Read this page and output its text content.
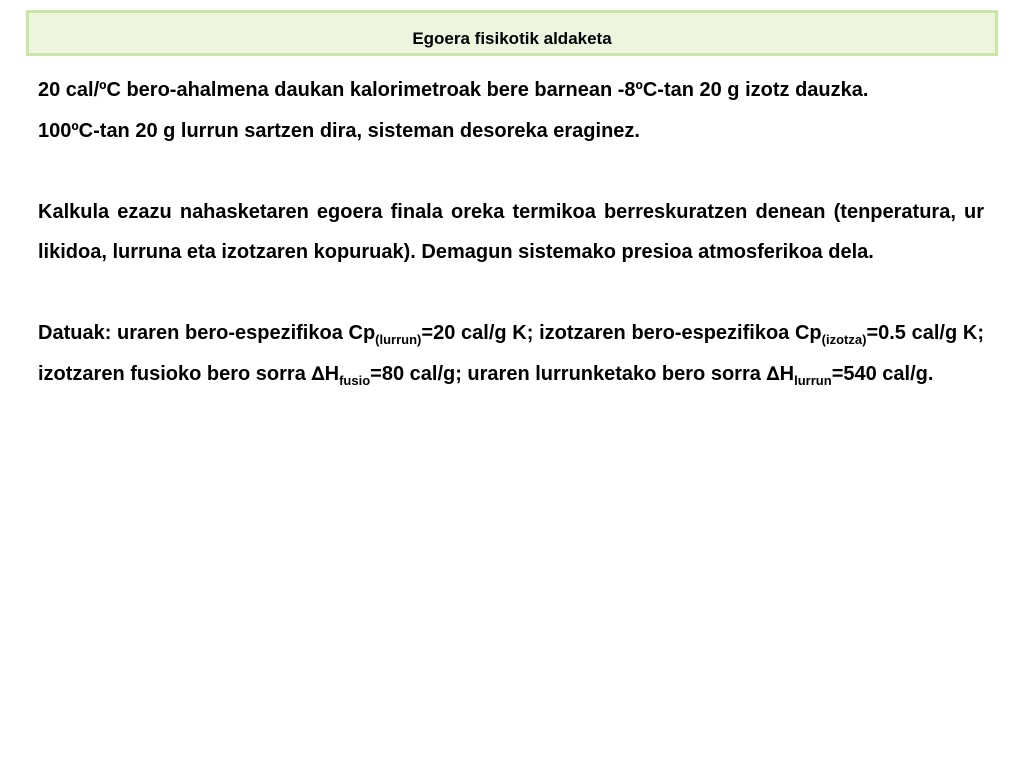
Egoera fisikotik aldaketa

20 cal/ºC bero-ahalmena daukan kalorimetroak bere barnean -8ºC-tan 20 g izotz dauzka.
100ºC-tan 20 g lurrun sartzen dira, sisteman desoreka eraginez.

Kalkula ezazu nahasketaren egoera finala oreka termikoa berreskuratzen denean (tenperatura, ur likidoa, lurruna eta izotzaren kopuruak). Demagun sistemako presioa atmosferikoa dela.

Datuak: uraren bero-espezifikoa $Cp_{(lurrun)}=20$ cal/g K; izotzaren bero-espezifikoa $Cp_{(izotza)}=0.5$ cal/g K; izotzaren fusioko bero sorra $\Delta H_{fusio}=80$ cal/g; uraren lurrunketako bero sorra $\Delta H_{lurrun}=540$ cal/g.
